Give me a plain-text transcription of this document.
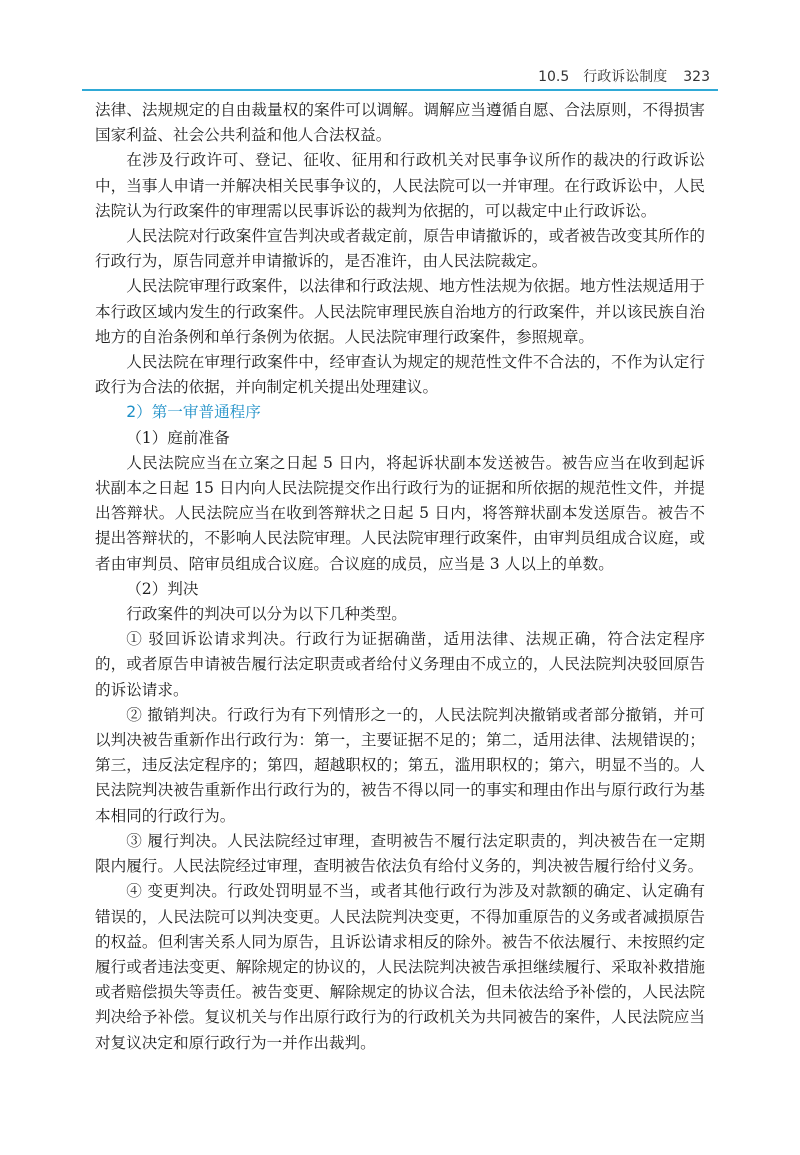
10.5 行政诉讼制度 323

法律、法规规定的自由裁量权的案件可以调解。调解应当遵循自愿、合法原则，不得损害国家利益、社会公共利益和他人合法权益。

在涉及行政许可、登记、征收、征用和行政机关对民事争议所作的裁决的行政诉讼中，当事人申请一并解决相关民事争议的，人民法院可以一并审理。在行政诉讼中，人民法院认为行政案件的审理需以民事诉讼的裁判为依据的，可以裁定中止行政诉讼。

人民法院对行政案件宣告判决或者裁定前，原告申请撤诉的，或者被告改变其所作的行政行为，原告同意并申请撤诉的，是否准许，由人民法院裁定。

人民法院审理行政案件，以法律和行政法规、地方性法规为依据。地方性法规适用于本行政区域内发生的行政案件。人民法院审理民族自治地方的行政案件，并以该民族自治地方的自治条例和单行条例为依据。人民法院审理行政案件，参照规章。

人民法院在审理行政案件中，经审查认为规定的规范性文件不合法的，不作为认定行政行为合法的依据，并向制定机关提出处理建议。

2）第一审普通程序

（1）庭前准备

人民法院应当在立案之日起 5 日内，将起诉状副本发送被告。被告应当在收到起诉状副本之日起 15 日内向人民法院提交作出行政行为的证据和所依据的规范性文件，并提出答辩状。人民法院应当在收到答辩状之日起 5 日内，将答辩状副本发送原告。被告不提出答辩状的，不影响人民法院审理。人民法院审理行政案件，由审判员组成合议庭，或者由审判员、陪审员组成合议庭。合议庭的成员，应当是 3 人以上的单数。

（2）判决

行政案件的判决可以分为以下几种类型。

① 驳回诉讼请求判决。行政行为证据确凿，适用法律、法规正确，符合法定程序的，或者原告申请被告履行法定职责或者给付义务理由不成立的，人民法院判决驳回原告的诉讼请求。

② 撤销判决。行政行为有下列情形之一的，人民法院判决撤销或者部分撤销，并可以判决被告重新作出行政行为：第一，主要证据不足的；第二，适用法律、法规错误的；第三，违反法定程序的；第四，超越职权的；第五，滥用职权的；第六，明显不当的。人民法院判决被告重新作出行政行为的，被告不得以同一的事实和理由作出与原行政行为基本相同的行政行为。

③ 履行判决。人民法院经过审理，查明被告不履行法定职责的，判决被告在一定期限内履行。人民法院经过审理，查明被告依法负有给付义务的，判决被告履行给付义务。

④ 变更判决。行政处罚明显不当，或者其他行政行为涉及对款额的确定、认定确有错误的，人民法院可以判决变更。人民法院判决变更，不得加重原告的义务或者减损原告的权益。但利害关系人同为原告，且诉讼请求相反的除外。被告不依法履行、未按照约定履行或者违法变更、解除规定的协议的，人民法院判决被告承担继续履行、采取补救措施或者赔偿损失等责任。被告变更、解除规定的协议合法，但未依法给予补偿的，人民法院判决给予补偿。复议机关与作出原行政行为的行政机关为共同被告的案件，人民法院应当对复议决定和原行政行为一并作出裁判。
